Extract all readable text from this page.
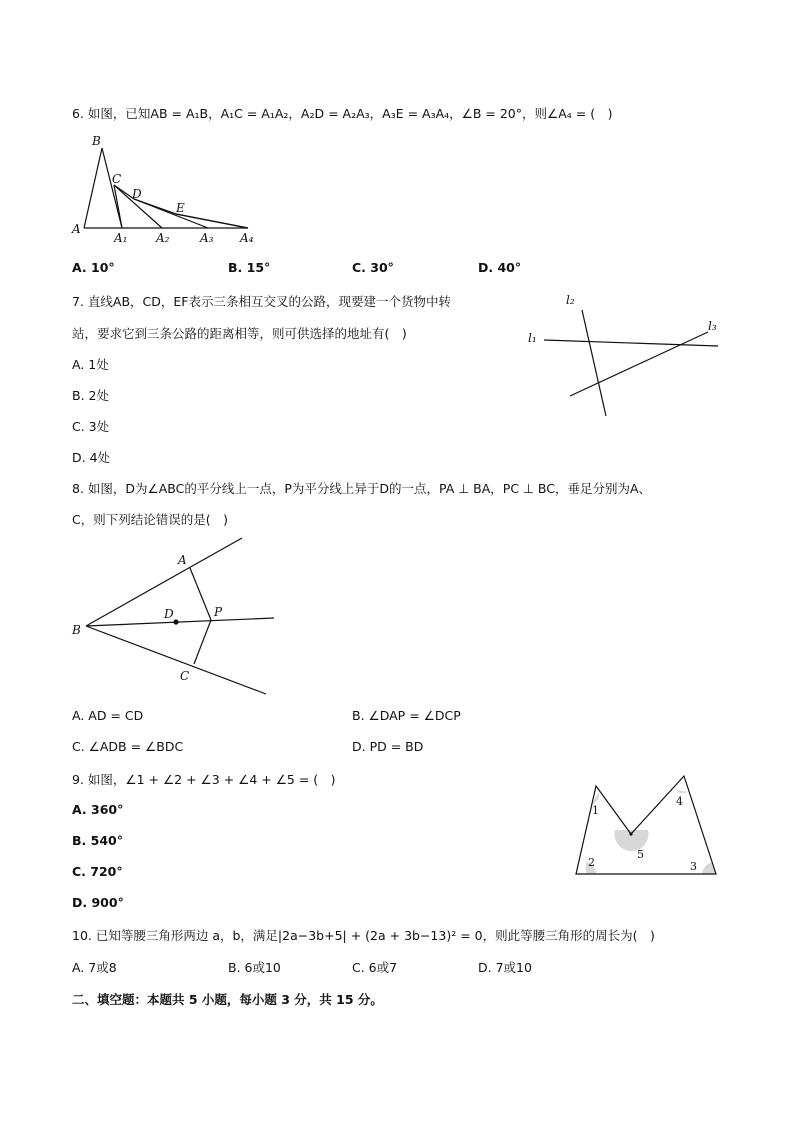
6. 如图，已知AB = A₁B，A₁C = A₁A₂，A₂D = A₂A₃，A₃E = A₃A₄，∠B = 20°，则∠A₄ = (　)
B
C
D
E
A
A₁ A₂	A₃ A₄
A. 10°	B. 15°	C. 30°	D. 40°
7. 直线AB，CD，EF表示三条相互交叉的公路，现要建一个货物中转
站，要求它到三条公路的距离相等，则可供选择的地址有(　)	l₁
l₂
l₃
A. 1处
B. 2处
C. 3处
D. 4处
8. 如图，D为∠ABC的平分线上一点，P为平分线上异于D的一点，PA ⊥ BA，PC ⊥ BC，垂足分别为A、
C，则下列结论错误的是(　)
A
B
C
D	P
A. AD = CD	B. ∠DAP = ∠DCP
C. ∠ADB = ∠BDC	D. PD = BD
9. 如图，∠1 + ∠2 + ∠3 + ∠4 + ∠5 = (　)
1
4
5
2	3
A. 360°
B. 540°
C. 720°
D. 900°
10. 已知等腰三角形两边 a，b，满足|2a−3b+5| + (2a + 3b−13)² = 0，则此等腰三角形的周长为(　)
A. 7或8	B. 6或10	C. 6或7	D. 7或10
二、填空题：本题共 5 小题，每小题 3 分，共 15 分。
